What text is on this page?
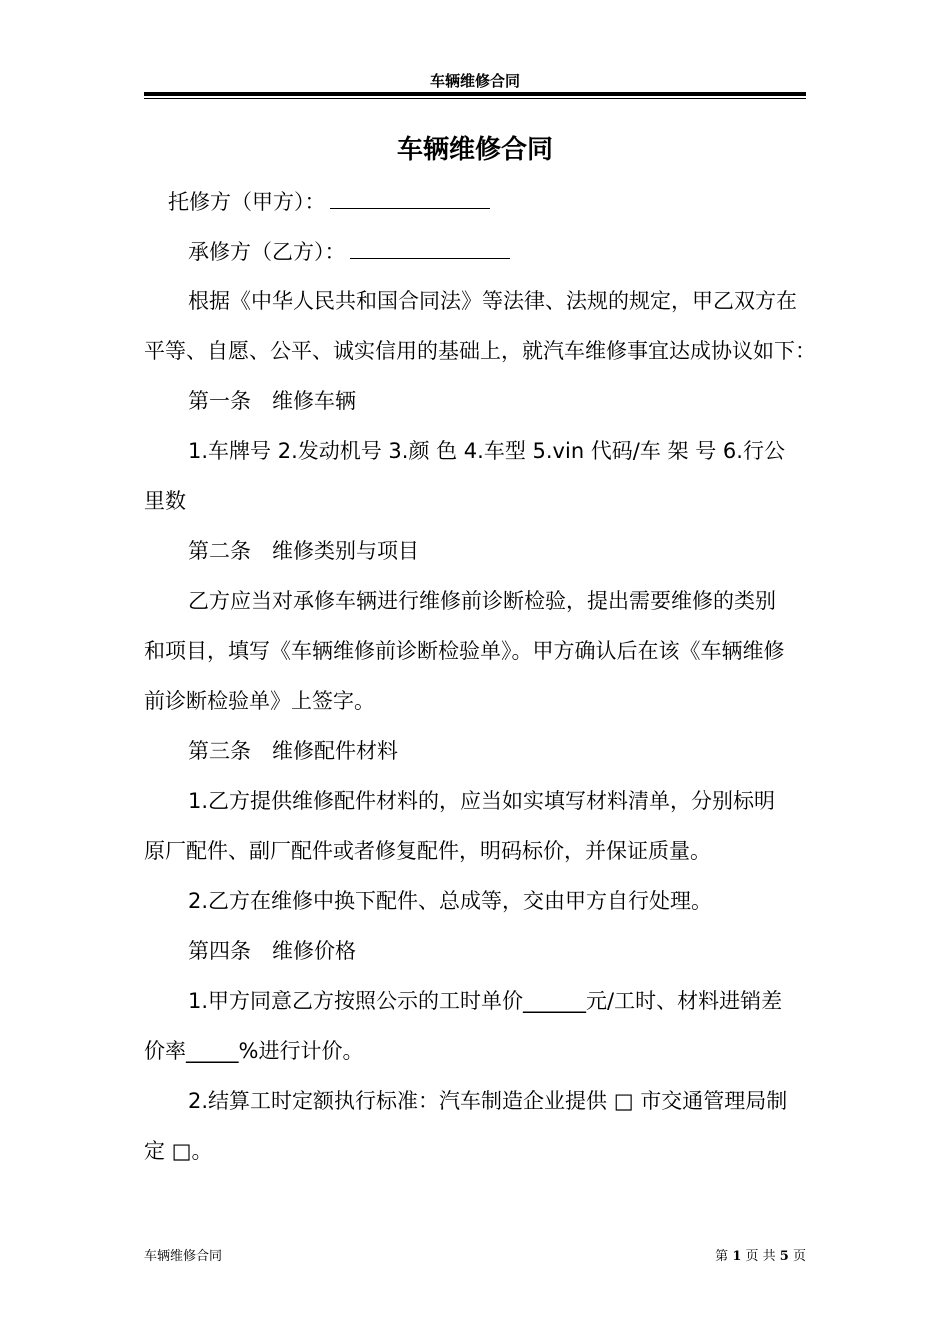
车辆维修合同
车辆维修合同
托修方（甲方）：
承修方（乙方）：
根据《中华人民共和国合同法》等法律、法规的规定，甲乙双方在
平等、自愿、公平、诚实信用的基础上，就汽车维修事宜达成协议如下：
第一条　维修车辆
1.车牌号 2.发动机号 3.颜 色 4.车型 5.vin 代码/车 架 号 6.行公
里数
第二条　维修类别与项目
乙方应当对承修车辆进行维修前诊断检验，提出需要维修的类别
和项目，填写《车辆维修前诊断检验单》。甲方确认后在该《车辆维修
前诊断检验单》上签字。
第三条　维修配件材料
1.乙方提供维修配件材料的，应当如实填写材料清单，分别标明
原厂配件、副厂配件或者修复配件，明码标价，并保证质量。
2.乙方在维修中换下配件、总成等，交由甲方自行处理。
第四条　维修价格
1.甲方同意乙方按照公示的工时单价______元/工时、材料进销差
价率_____%进行计价。
2.结算工时定额执行标准：汽车制造企业提供 □ 市交通管理局制
定 □。
车辆维修合同	第 1 页 共 5 页
